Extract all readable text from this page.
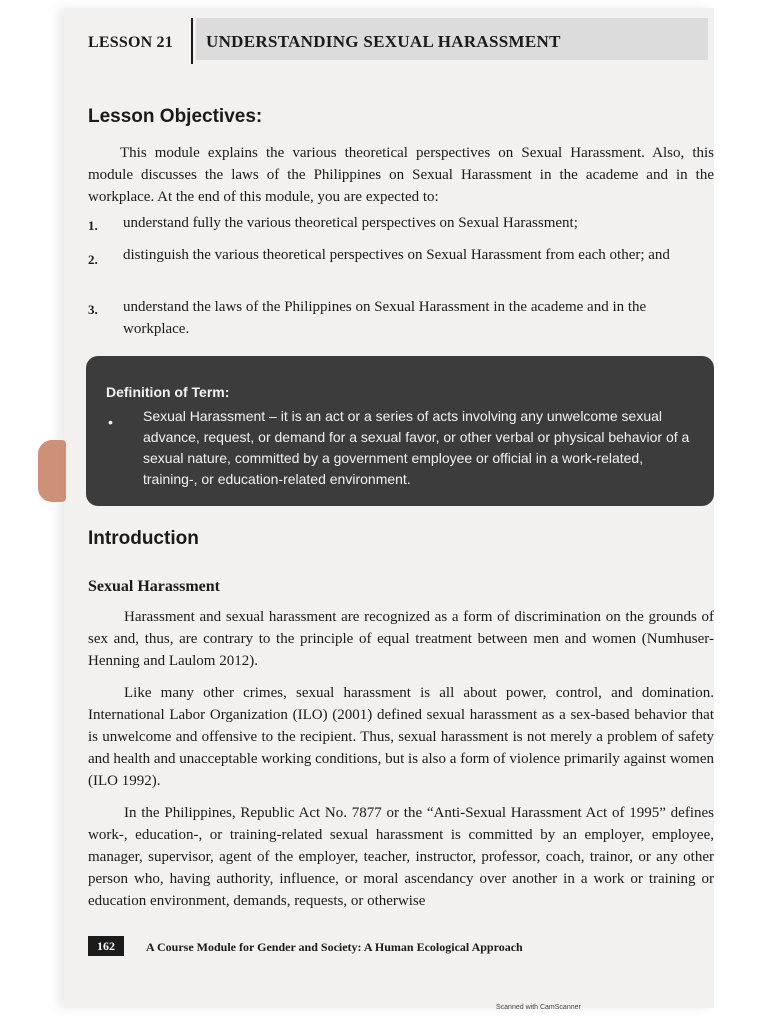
LESSON 21 UNDERSTANDING SEXUAL HARASSMENT
Lesson Objectives:
This module explains the various theoretical perspectives on Sexual Harassment. Also, this module discusses the laws of the Philippines on Sexual Harassment in the academe and in the workplace. At the end of this module, you are expected to:
1. understand fully the various theoretical perspectives on Sexual Harassment;
2. distinguish the various theoretical perspectives on Sexual Harassment from each other; and
3. understand the laws of the Philippines on Sexual Harassment in the academe and in the workplace.
Definition of Term:
• Sexual Harassment – it is an act or a series of acts involving any unwelcome sexual advance, request, or demand for a sexual favor, or other verbal or physical behavior of a sexual nature, committed by a government employee or official in a work-related, training-, or education-related environment.
Introduction
Sexual Harassment
Harassment and sexual harassment are recognized as a form of discrimination on the grounds of sex and, thus, are contrary to the principle of equal treatment between men and women (Numhuser-Henning and Laulom 2012).
Like many other crimes, sexual harassment is all about power, control, and domination. International Labor Organization (ILO) (2001) defined sexual harassment as a sex-based behavior that is unwelcome and offensive to the recipient. Thus, sexual harassment is not merely a problem of safety and health and unacceptable working conditions, but is also a form of violence primarily against women (ILO 1992).
In the Philippines, Republic Act No. 7877 or the “Anti-Sexual Harassment Act of 1995” defines work-, education-, or training-related sexual harassment is committed by an employer, employee, manager, supervisor, agent of the employer, teacher, instructor, professor, coach, trainor, or any other person who, having authority, influence, or moral ascendancy over another in a work or training or education environment, demands, requests, or otherwise
162	A Course Module for Gender and Society: A Human Ecological Approach
Scanned with CamScanner
